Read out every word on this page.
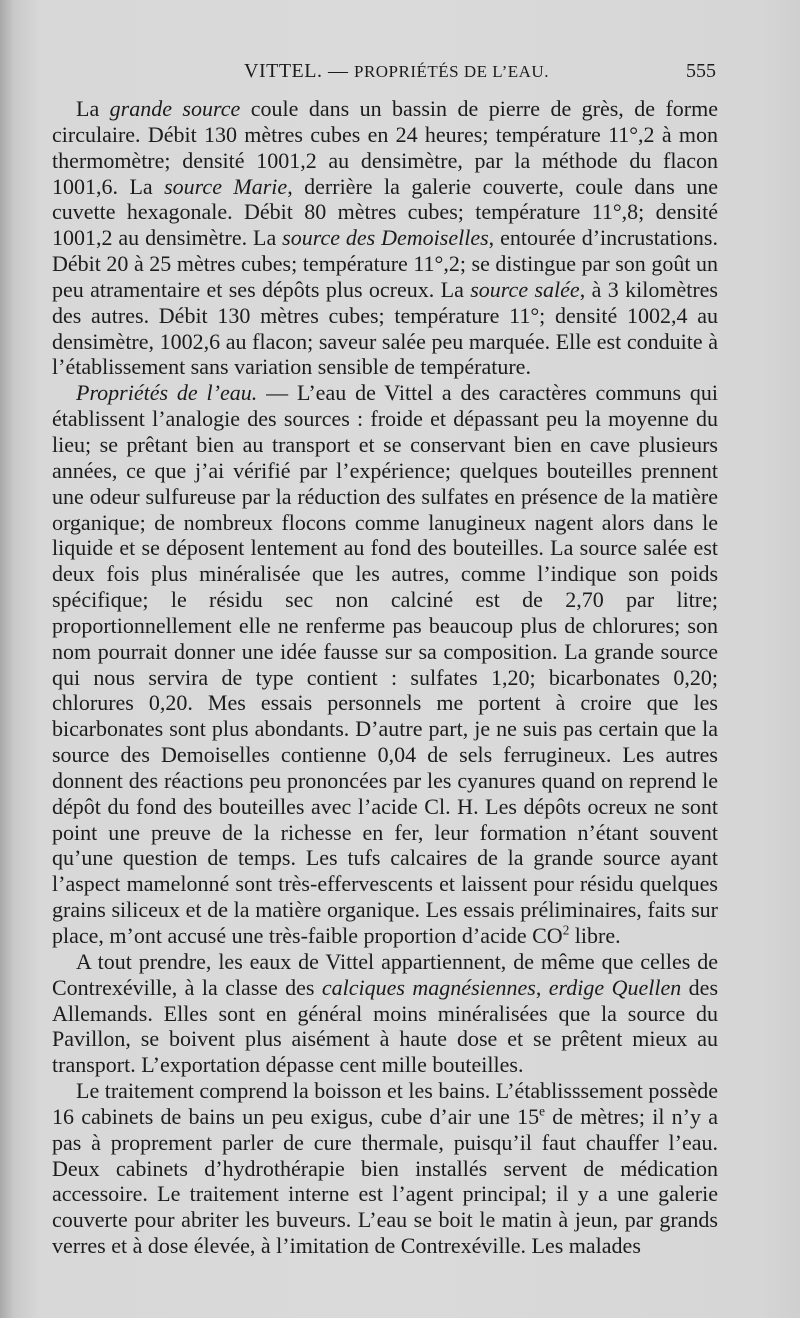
VITTEL. — PROPRIÉTÉS DE L’EAU.	555

La grande source coule dans un bassin de pierre de grès, de forme circulaire. Débit 130 mètres cubes en 24 heures; température 11°,2 à mon thermomètre; densité 1001,2 au densimètre, par la méthode du flacon 1001,6. La source Marie, derrière la galerie couverte, coule dans une cuvette hexagonale. Débit 80 mètres cubes; température 11°,8; densité 1001,2 au densimètre. La source des Demoiselles, entourée d’incrustations. Débit 20 à 25 mètres cubes; température 11°,2; se distingue par son goût un peu atramentaire et ses dépôts plus ocreux. La source salée, à 3 kilomètres des autres. Débit 130 mètres cubes; température 11°; densité 1002,4 au densimètre, 1002,6 au flacon; saveur salée peu marquée. Elle est conduite à l’établissement sans variation sensible de température.

Propriétés de l’eau. — L’eau de Vittel a des caractères communs qui établissent l’analogie des sources : froide et dépassant peu la moyenne du lieu; se prêtant bien au transport et se conservant bien en cave plusieurs années, ce que j’ai vérifié par l’expérience; quelques bouteilles prennent une odeur sulfureuse par la réduction des sulfates en présence de la matière organique; de nombreux flocons comme lanugineux nagent alors dans le liquide et se déposent lentement au fond des bouteilles. La source salée est deux fois plus minéralisée que les autres, comme l’indique son poids spécifique; le résidu sec non calciné est de 2,70 par litre; proportionnellement elle ne renferme pas beaucoup plus de chlorures; son nom pourrait donner une idée fausse sur sa composition. La grande source qui nous servira de type contient : sulfates 1,20; bicarbonates 0,20; chlorures 0,20. Mes essais personnels me portent à croire que les bicarbonates sont plus abondants. D’autre part, je ne suis pas certain que la source des Demoiselles contienne 0,04 de sels ferrugineux. Les autres donnent des réactions peu prononcées par les cyanures quand on reprend le dépôt du fond des bouteilles avec l’acide Cl. H. Les dépôts ocreux ne sont point une preuve de la richesse en fer, leur formation n’étant souvent qu’une question de temps. Les tufs calcaires de la grande source ayant l’aspect mamelonné sont très-effervescents et laissent pour résidu quelques grains siliceux et de la matière organique. Les essais préliminaires, faits sur place, m’ont accusé une très-faible proportion d’acide $CO^2$ libre.

A tout prendre, les eaux de Vittel appartiennent, de même que celles de Contrexéville, à la classe des calciques magnésiennes, erdige Quellen des Allemands. Elles sont en général moins minéralisées que la source du Pavillon, se boivent plus aisément à haute dose et se prêtent mieux au transport. L’exportation dépasse cent mille bouteilles.

Le traitement comprend la boisson et les bains. L’établisssement possède 16 cabinets de bains un peu exigus, cube d’air une 15e de mètres; il n’y a pas à proprement parler de cure thermale, puisqu’il faut chauffer l’eau. Deux cabinets d’hydrothérapie bien installés servent de médication accessoire. Le traitement interne est l’agent principal; il y a une galerie couverte pour abriter les buveurs. L’eau se boit le matin à jeun, par grands verres et à dose élevée, à l’imitation de Contrexéville. Les malades
